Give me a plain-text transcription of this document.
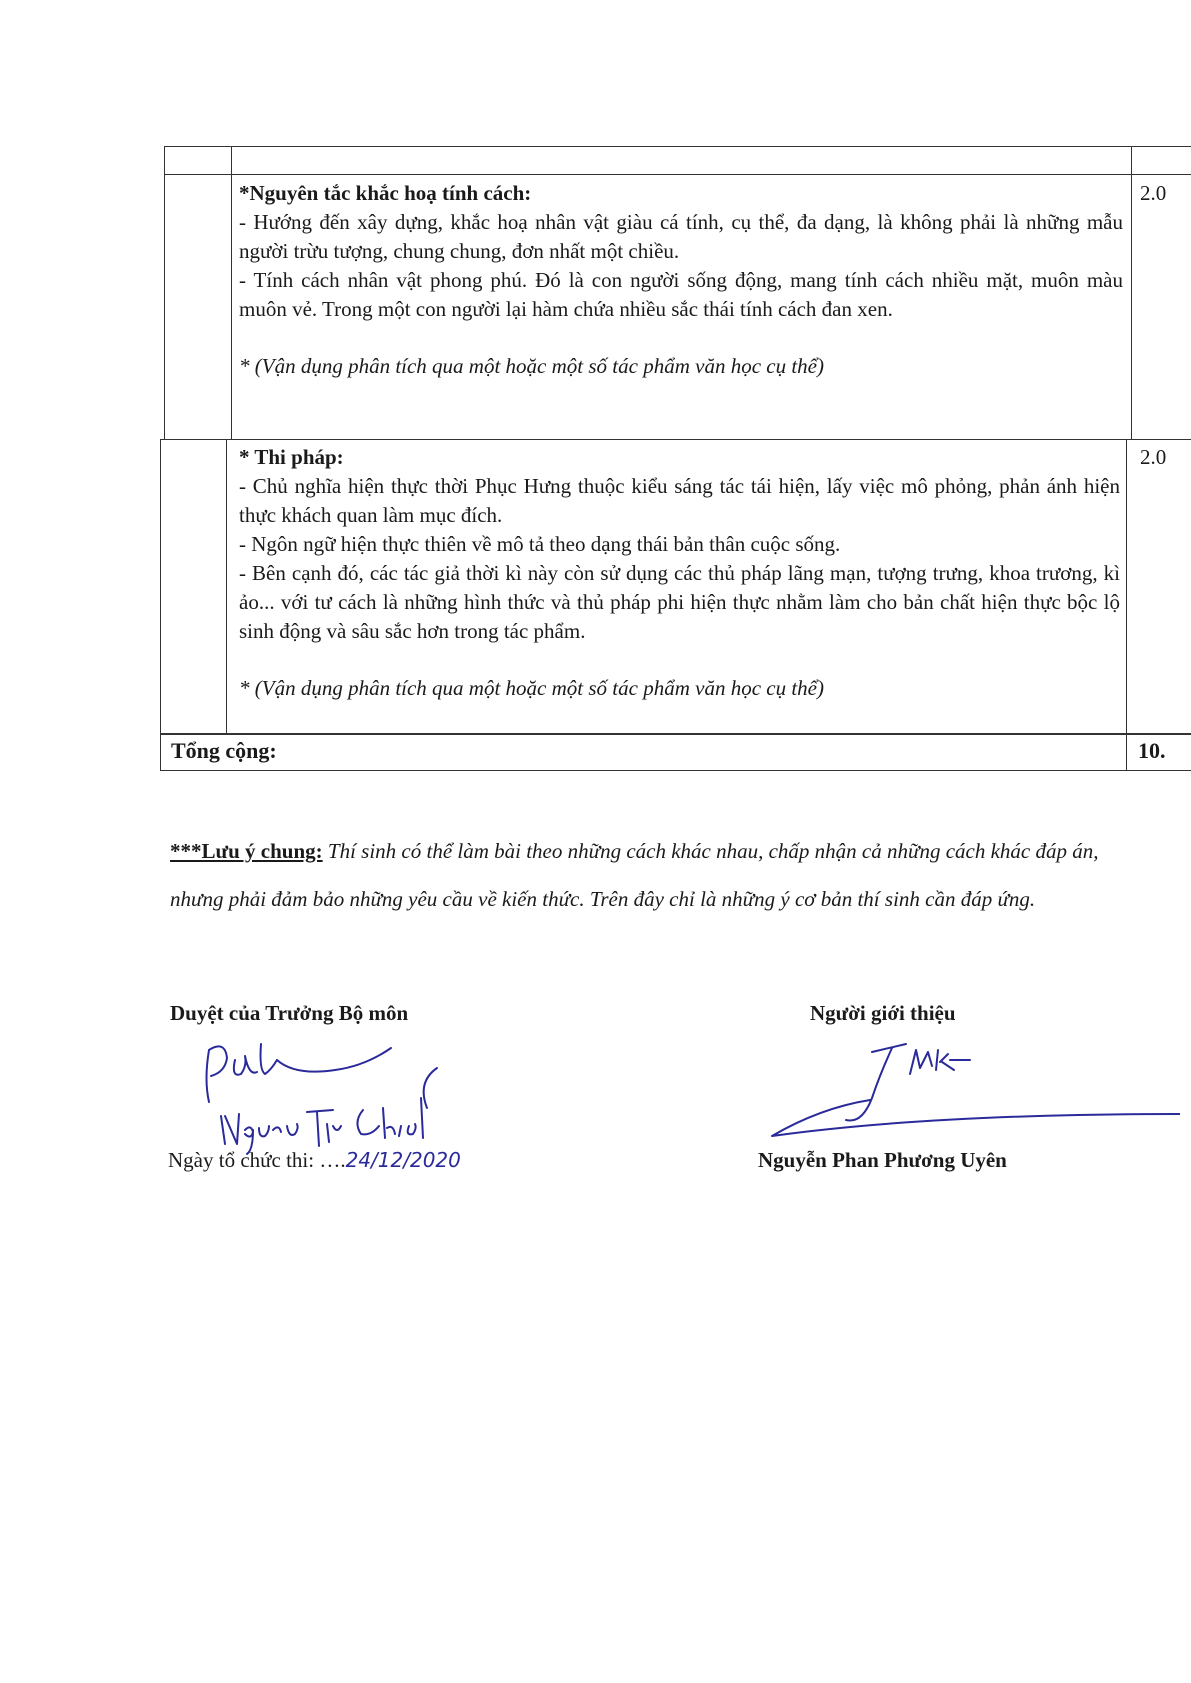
*Nguyên tắc khắc hoạ tính cách:

- Hướng đến xây dựng, khắc hoạ nhân vật giàu cá tính, cụ thể, đa dạng, là không phải là những mẫu người trừu tượng, chung chung, đơn nhất một chiều.

- Tính cách nhân vật phong phú. Đó là con người sống động, mang tính cách nhiều mặt, muôn màu muôn vẻ. Trong một con người lại hàm chứa nhiều sắc thái tính cách đan xen.

* (Vận dụng phân tích qua một hoặc một số tác phẩm văn học cụ thể)

2.0

* Thi pháp:

- Chủ nghĩa hiện thực thời Phục Hưng thuộc kiểu sáng tác tái hiện, lấy việc mô phỏng, phản ánh hiện thực khách quan làm mục đích.

- Ngôn ngữ hiện thực thiên về mô tả theo dạng thái bản thân cuộc sống.

- Bên cạnh đó, các tác giả thời kì này còn sử dụng các thủ pháp lãng mạn, tượng trưng, khoa trương, kì ảo... với tư cách là những hình thức và thủ pháp phi hiện thực nhằm làm cho bản chất hiện thực bộc lộ sinh động và sâu sắc hơn trong tác phẩm.

* (Vận dụng phân tích qua một hoặc một số tác phẩm văn học cụ thể)

2.0
Tổng cộng:	10.
***Lưu ý chung: Thí sinh có thể làm bài theo những cách khác nhau, chấp nhận cả những cách khác đáp án, nhưng phải đảm bảo những yêu cầu về kiến thức. Trên đây chỉ là những ý cơ bản thí sinh cần đáp ứng.
Duyệt của Trưởng Bộ môn
Ngày tổ chức thi: ….24/12/2020
Người giới thiệu
Nguyễn Phan Phương Uyên
